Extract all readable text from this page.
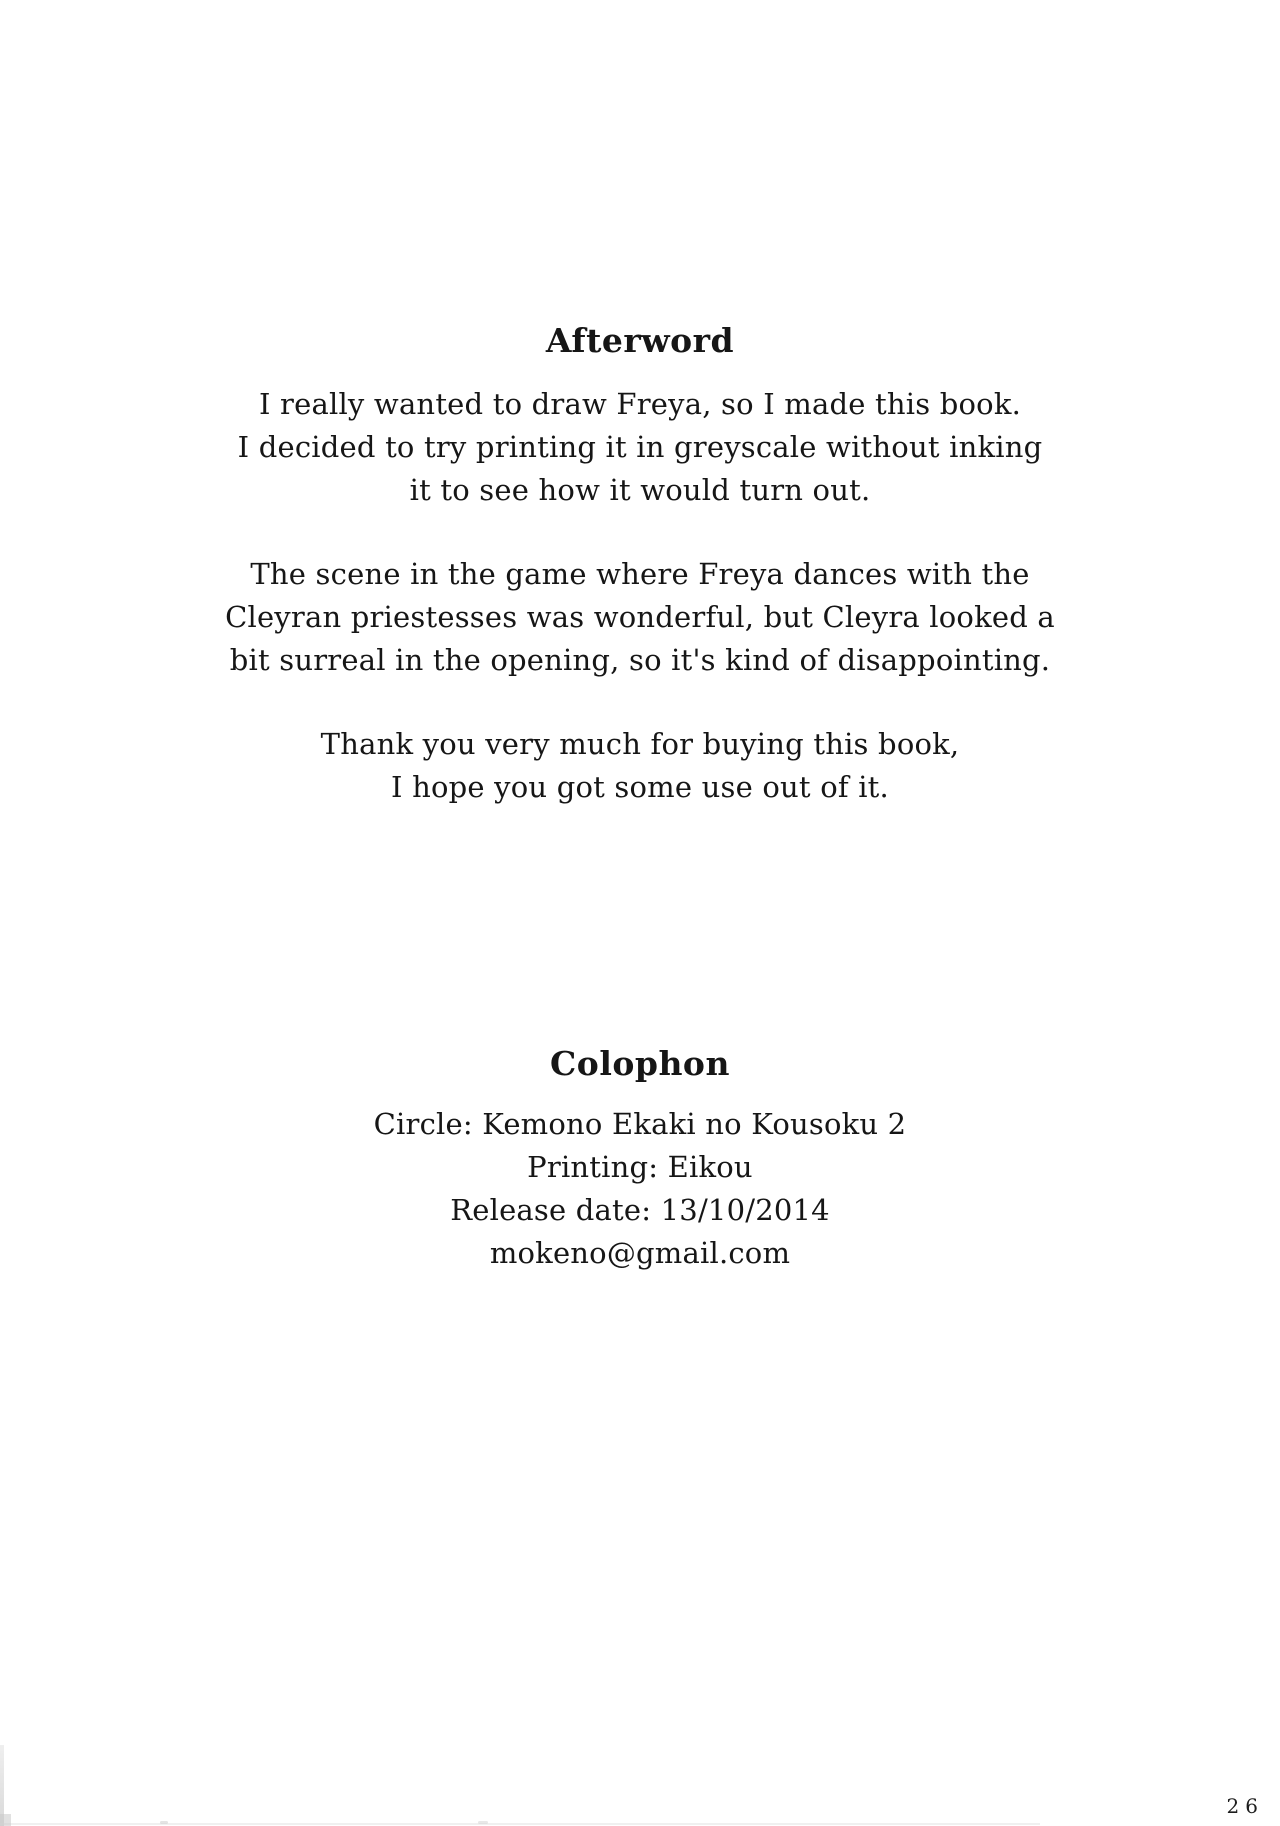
Afterword
I really wanted to draw Freya, so I made this book.
I decided to try printing it in greyscale without inking
it to see how it would turn out.
The scene in the game where Freya dances with the
Cleyran priestesses was wonderful, but Cleyra looked a
bit surreal in the opening, so it's kind of disappointing.
Thank you very much for buying this book,
I hope you got some use out of it.
Colophon
Circle: Kemono Ekaki no Kousoku 2
Printing: Eikou
Release date: 13/10/2014
mokeno@gmail.com
26
